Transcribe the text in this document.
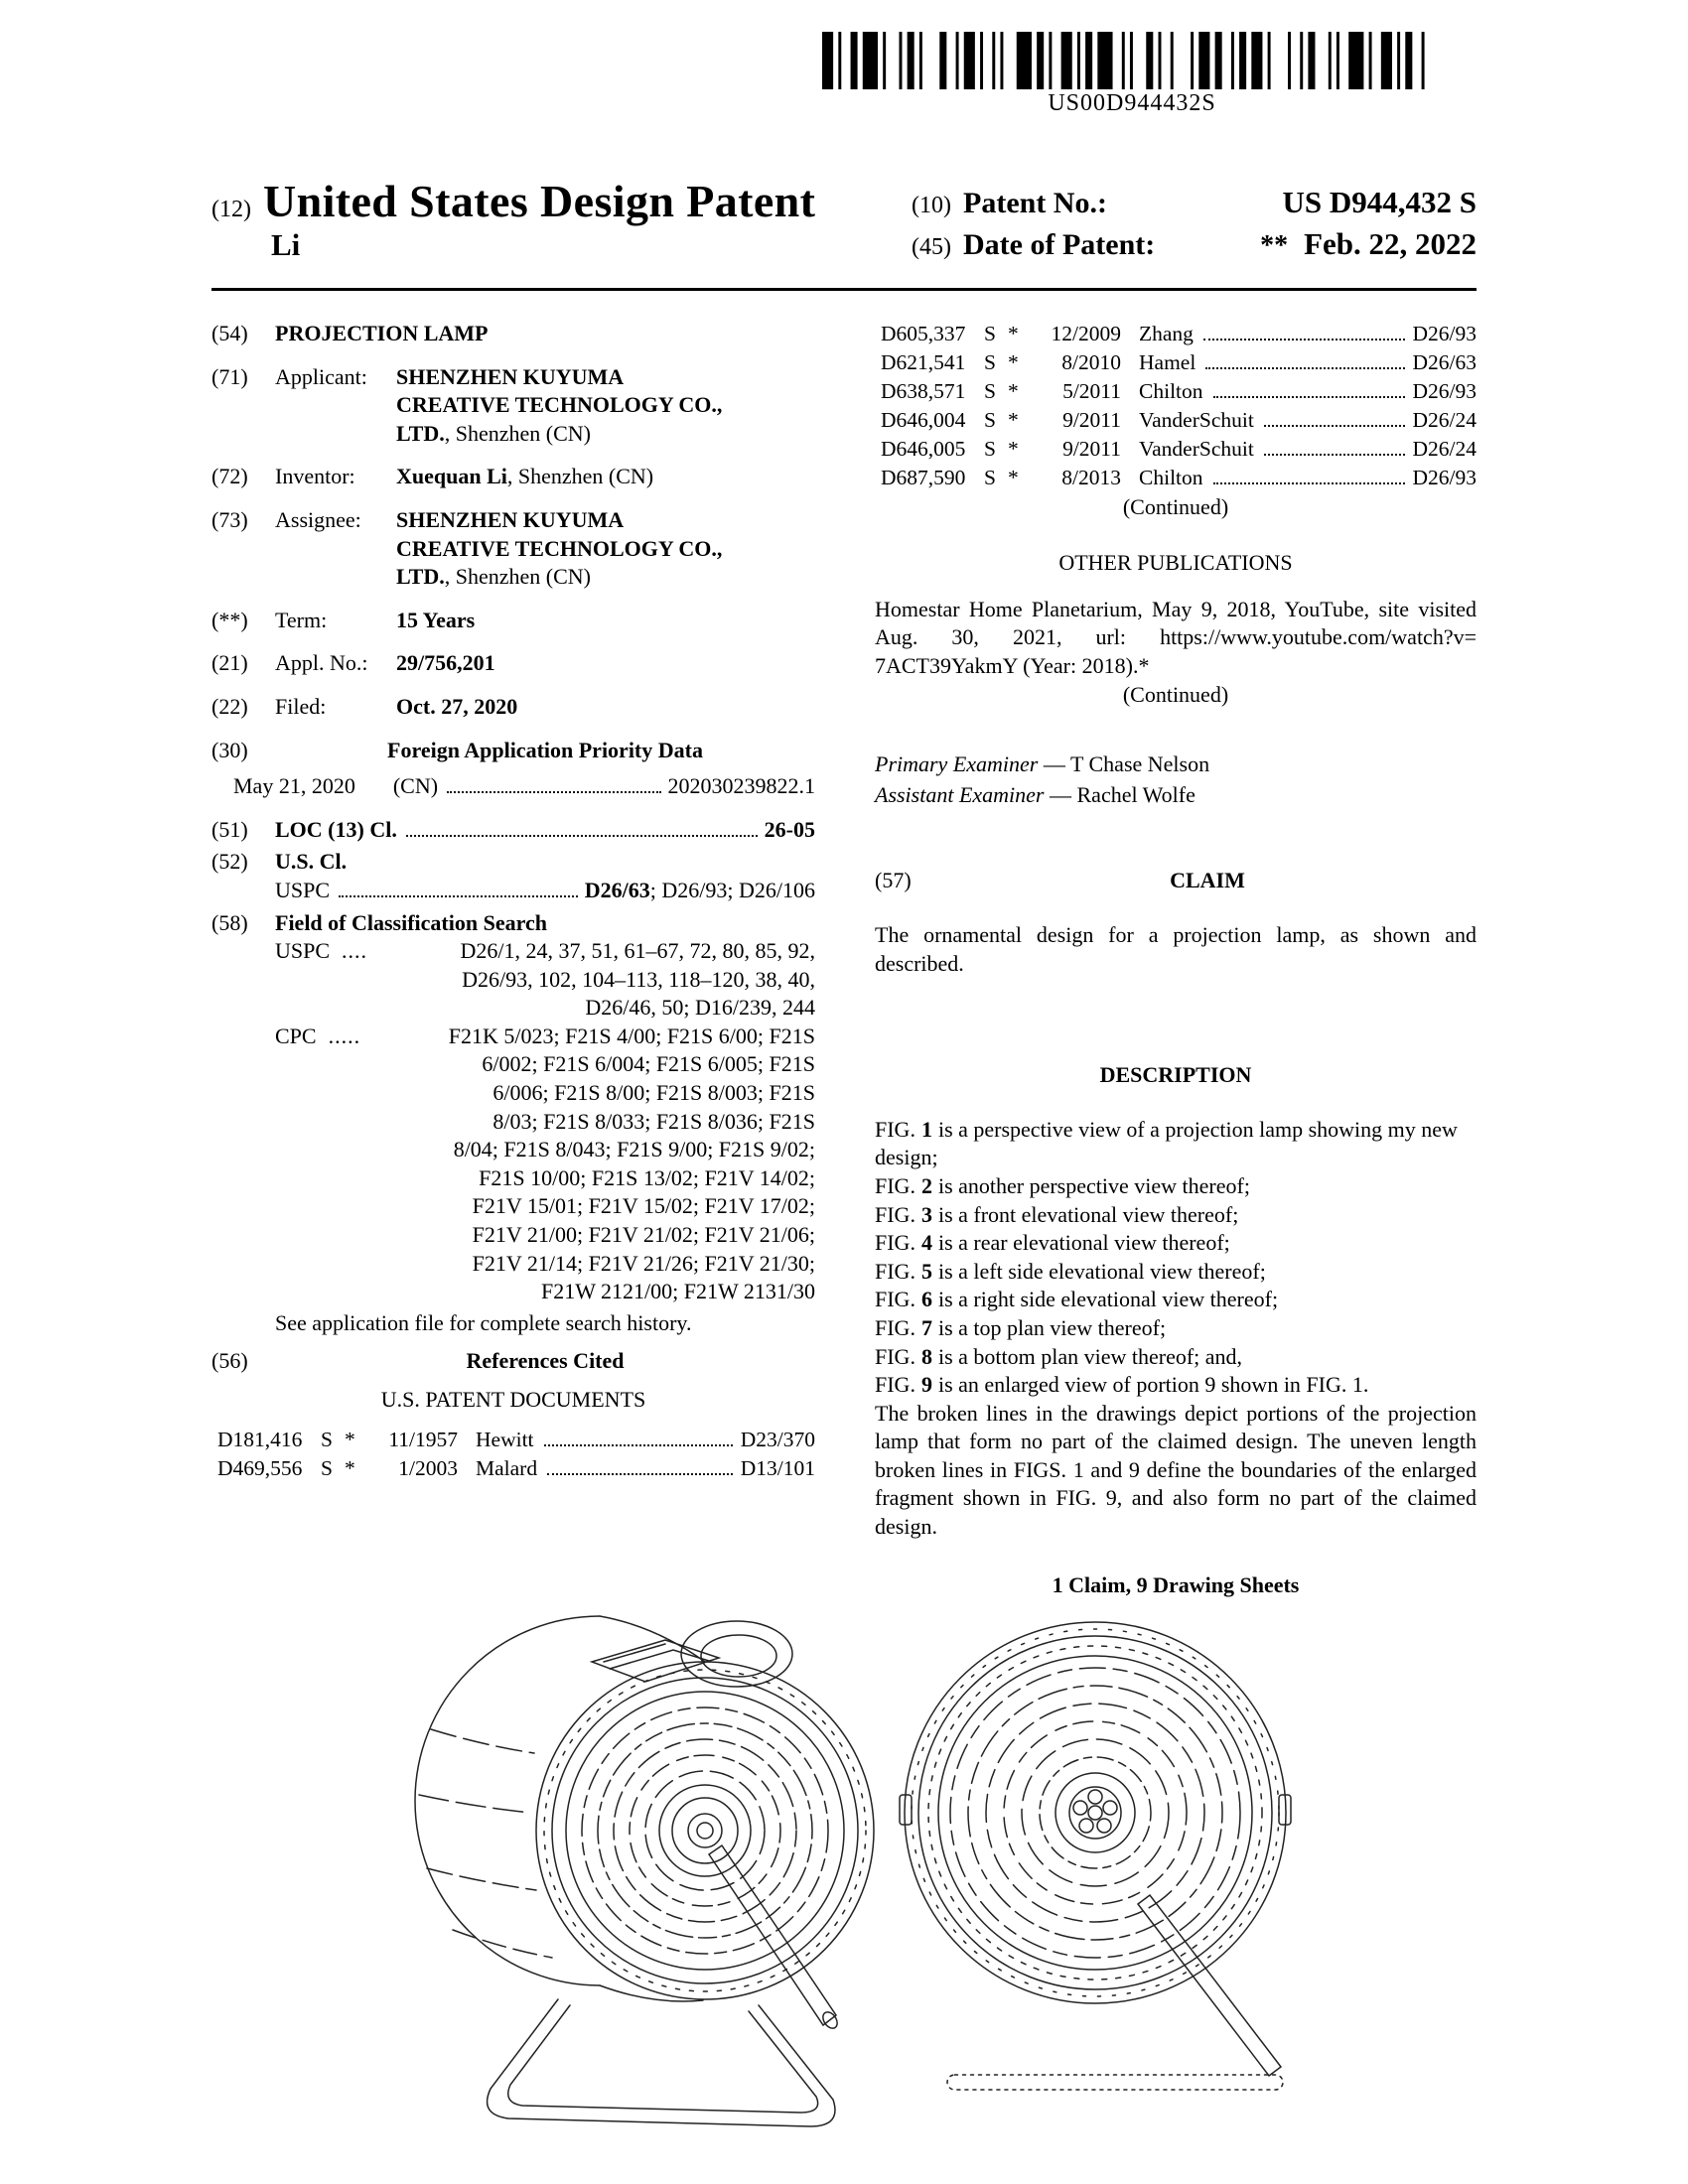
US00D944432S
(12) United States Design Patent
Li
(10) Patent No.:	US D944,432 S
(45) Date of Patent:	** Feb. 22, 2022
(54)	PROJECTION LAMP
(71)	Applicant:	SHENZHEN KUYUMA CREATIVE TECHNOLOGY CO., LTD., Shenzhen (CN)
(72)	Inventor:	Xuequan Li, Shenzhen (CN)
(73)	Assignee:	SHENZHEN KUYUMA CREATIVE TECHNOLOGY CO., LTD., Shenzhen (CN)
(**)	Term:	15 Years
(21)	Appl. No.:	29/756,201
(22)	Filed:	Oct. 27, 2020
(30)	Foreign Application Priority Data
May 21, 2020 (CN)	202030239822.1
(51)	LOC (13) Cl.	26-05
(52)	U.S. Cl.
USPC	D26/63; D26/93; D26/106
(58)	Field of Classification Search
USPC ....	D26/1, 24, 37, 51, 61–67, 72, 80, 85, 92,
D26/93, 102, 104–113, 118–120, 38, 40,
D26/46, 50; D16/239, 244
CPC .....	F21K 5/023; F21S 4/00; F21S 6/00; F21S
6/002; F21S 6/004; F21S 6/005; F21S
6/006; F21S 8/00; F21S 8/003; F21S
8/03; F21S 8/033; F21S 8/036; F21S
8/04; F21S 8/043; F21S 9/00; F21S 9/02;
F21S 10/00; F21S 13/02; F21V 14/02;
F21V 15/01; F21V 15/02; F21V 17/02;
F21V 21/00; F21V 21/02; F21V 21/06;
F21V 21/14; F21V 21/26; F21V 21/30;
F21W 2121/00; F21W 2131/30
See application file for complete search history.
(56)	References Cited
U.S. PATENT DOCUMENTS
D181,416 S *	11/1957 Hewitt	D23/370
D469,556 S *	1/2003 Malard	D13/101
D605,337 S *	12/2009 Zhang	D26/93
D621,541 S *	8/2010 Hamel	D26/63
D638,571 S *	5/2011 Chilton	D26/93
D646,004 S *	9/2011 VanderSchuit	D26/24
D646,005 S *	9/2011 VanderSchuit	D26/24
D687,590 S *	8/2013 Chilton	D26/93
(Continued)
OTHER PUBLICATIONS
Homestar Home Planetarium, May 9, 2018, YouTube, site visited Aug. 30, 2021, url: https://www.youtube.com/watch?v= 7ACT39YakmY (Year: 2018).*
(Continued)
Primary Examiner — T Chase Nelson
Assistant Examiner — Rachel Wolfe
(57)	CLAIM
The ornamental design for a projection lamp, as shown and described.
DESCRIPTION
FIG. 1 is a perspective view of a projection lamp showing my new design;
FIG. 2 is another perspective view thereof;
FIG. 3 is a front elevational view thereof;
FIG. 4 is a rear elevational view thereof;
FIG. 5 is a left side elevational view thereof;
FIG. 6 is a right side elevational view thereof;
FIG. 7 is a top plan view thereof;
FIG. 8 is a bottom plan view thereof; and,
FIG. 9 is an enlarged view of portion 9 shown in FIG. 1.
The broken lines in the drawings depict portions of the projection lamp that form no part of the claimed design. The uneven length broken lines in FIGS. 1 and 9 define the boundaries of the enlarged fragment shown in FIG. 9, and also form no part of the claimed design.
1 Claim, 9 Drawing Sheets
